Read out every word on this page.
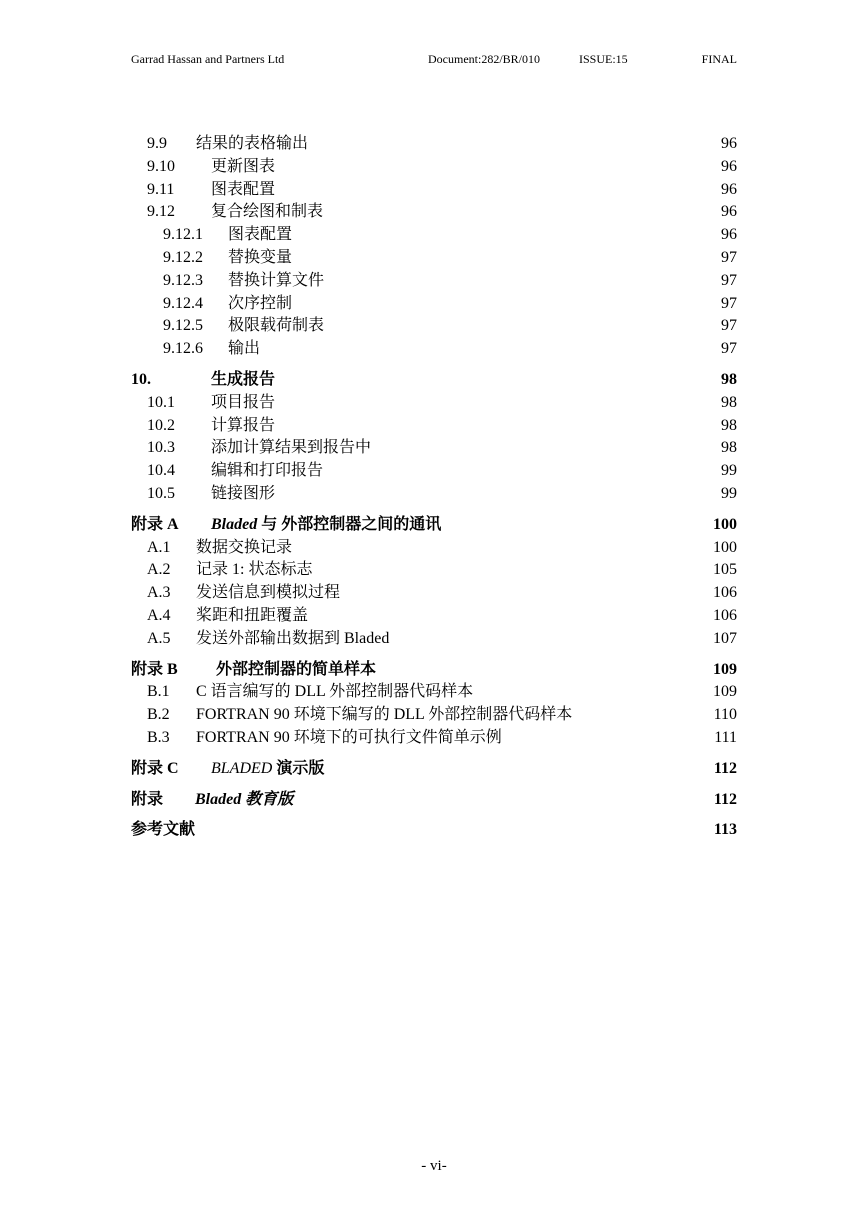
Garrad Hassan and Partners Ltd	Document:282/BR/010	ISSUE:15	FINAL
9.9 结果的表格输出	96
9.10 更新图表	96
9.11 图表配置	96
9.12 复合绘图和制表	96
9.12.1 图表配置	96
9.12.2 替换变量	97
9.12.3 替换计算文件	97
9.12.4 次序控制	97
9.12.5 极限载荷制表	97
9.12.6 输出	97
10.	生成报告	98
10.1 项目报告	98
10.2 计算报告	98
10.3 添加计算结果到报告中	98
10.4 编辑和打印报告	99
10.5 链接图形	99
附录 A Bladed 与 外部控制器之间的通讯	100
A.1 数据交换记录	100
A.2 记录 1: 状态标志	105
A.3 发送信息到模拟过程	106
A.4 桨距和扭距覆盖	106
A.5 发送外部输出数据到 Bladed	107
附录 B 外部控制器的简单样本	109
B.1 C 语言编写的 DLL 外部控制器代码样本	109
B.2 FORTRAN 90 环境下编写的 DLL 外部控制器代码样本	110
B.3 FORTRAN 90 环境下的可执行文件简单示例	111
附录 C BLADED 演示版	112
附录 Bladed 教育版	112
参考文献	113
- vi-
